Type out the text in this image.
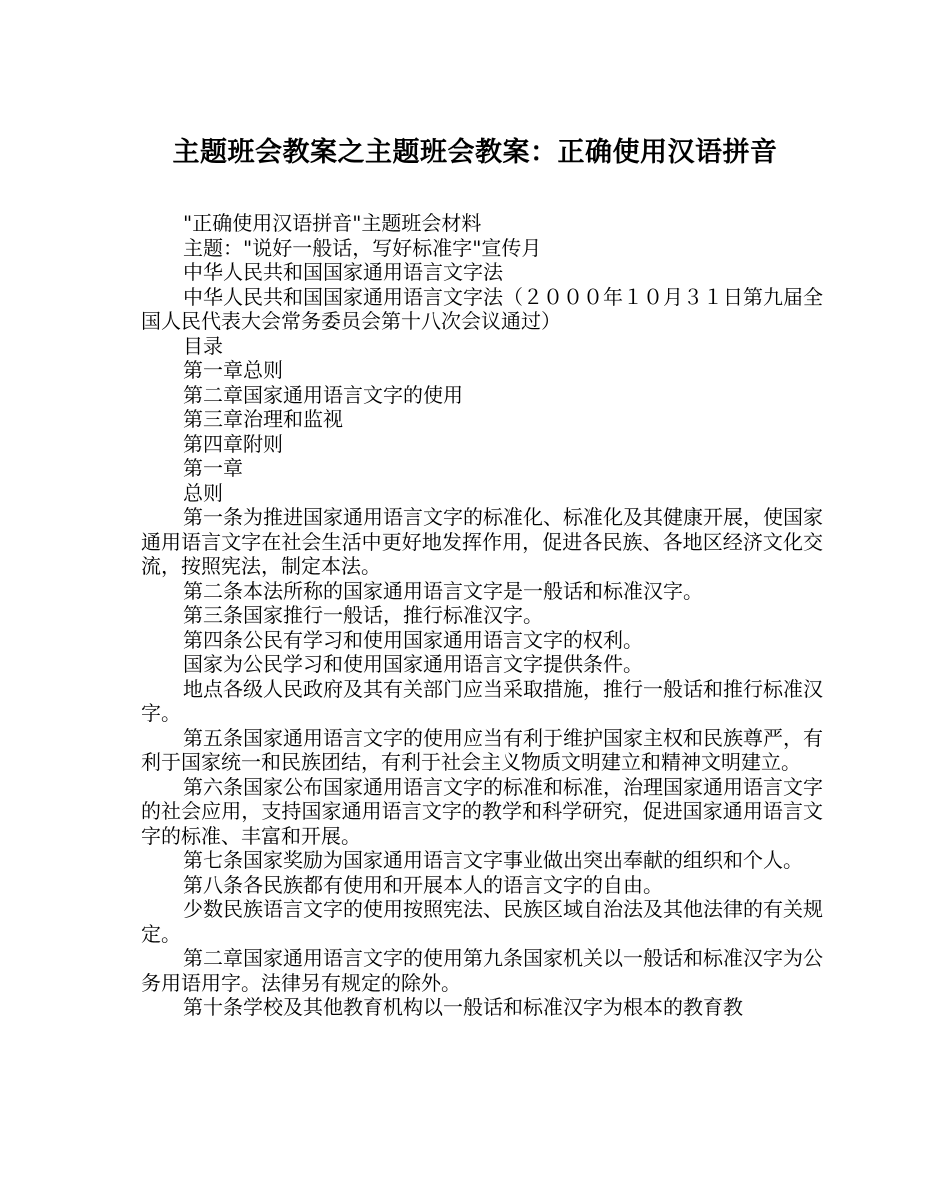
主题班会教案之主题班会教案：正确使用汉语拼音

"正确使用汉语拼音"主题班会材料

主题："说好一般话，写好标准字"宣传月

中华人民共和国国家通用语言文字法

中华人民共和国国家通用语言文字法（２０００年１０月３１日第九届全国人民代表大会常务委员会第十八次会议通过）

目录

第一章总则

第二章国家通用语言文字的使用

第三章治理和监视

第四章附则

第一章

总则

第一条为推进国家通用语言文字的标准化、标准化及其健康开展，使国家通用语言文字在社会生活中更好地发挥作用，促进各民族、各地区经济文化交流，按照宪法，制定本法。

第二条本法所称的国家通用语言文字是一般话和标准汉字。

第三条国家推行一般话，推行标准汉字。

第四条公民有学习和使用国家通用语言文字的权利。

国家为公民学习和使用国家通用语言文字提供条件。

地点各级人民政府及其有关部门应当采取措施，推行一般话和推行标准汉字。

第五条国家通用语言文字的使用应当有利于维护国家主权和民族尊严，有利于国家统一和民族团结，有利于社会主义物质文明建立和精神文明建立。

第六条国家公布国家通用语言文字的标准和标准，治理国家通用语言文字的社会应用，支持国家通用语言文字的教学和科学研究，促进国家通用语言文字的标准、丰富和开展。

第七条国家奖励为国家通用语言文字事业做出突出奉献的组织和个人。

第八条各民族都有使用和开展本人的语言文字的自由。

少数民族语言文字的使用按照宪法、民族区域自治法及其他法律的有关规定。

第二章国家通用语言文字的使用第九条国家机关以一般话和标准汉字为公务用语用字。法律另有规定的除外。

第十条学校及其他教育机构以一般话和标准汉字为根本的教育教
